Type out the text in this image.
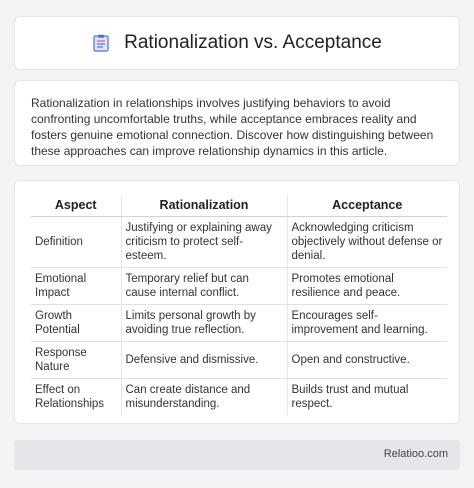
Rationalization vs. Acceptance

Rationalization in relationships involves justifying behaviors to avoid confronting uncomfortable truths, while acceptance embraces reality and fosters genuine emotional connection. Discover how distinguishing between these approaches can improve relationship dynamics in this article.

Aspect	Rationalization	Acceptance
Definition	Justifying or explaining away criticism to protect self-esteem.	Acknowledging criticism objectively without defense or denial.
Emotional Impact	Temporary relief but can cause internal conflict.	Promotes emotional resilience and peace.
Growth Potential	Limits personal growth by avoiding true reflection.	Encourages self-improvement and learning.
Response Nature	Defensive and dismissive.	Open and constructive.
Effect on Relationships	Can create distance and misunderstanding.	Builds trust and mutual respect.
Relatioo.com
